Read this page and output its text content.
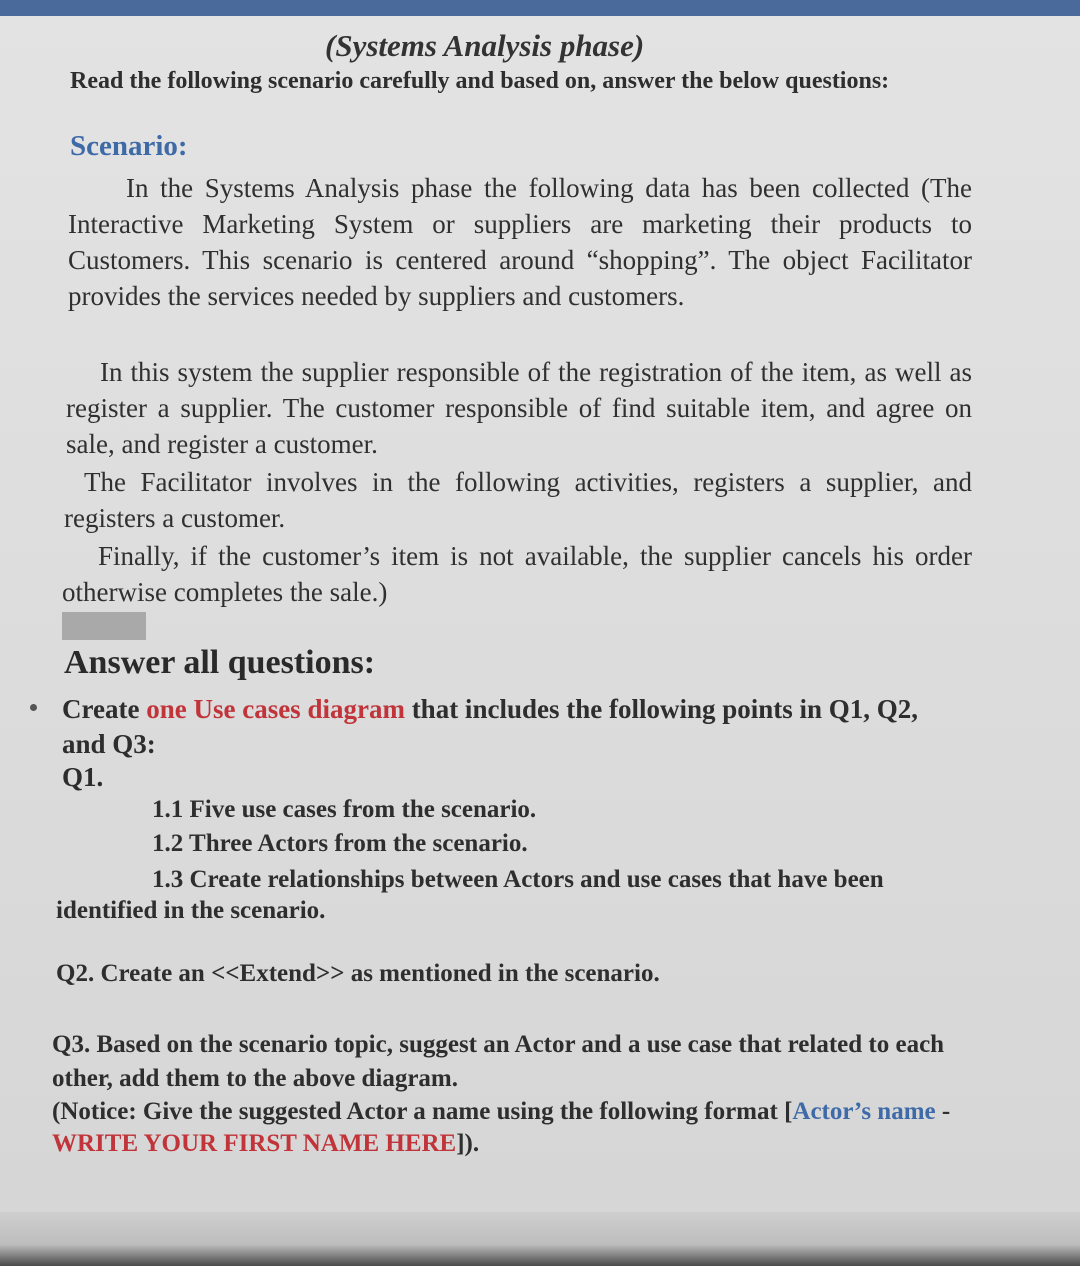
(Systems Analysis phase)

Read the following scenario carefully and based on, answer the below questions:

Scenario:

In the Systems Analysis phase the following data has been collected (The Interactive Marketing System or suppliers are marketing their products to Customers. This scenario is centered around “shopping”. The object Facilitator provides the services needed by suppliers and customers.

In this system the supplier responsible of the registration of the item, as well as register a supplier. The customer responsible of find suitable item, and agree on sale, and register a customer.

The Facilitator involves in the following activities, registers a supplier, and registers a customer.

Finally, if the customer’s item is not available, the supplier cancels his order otherwise completes the sale.)

Answer all questions:

Create one Use cases diagram that includes the following points in Q1, Q2, and Q3:

Q1.

1.1 Five use cases from the scenario.

1.2 Three Actors from the scenario.

1.3 Create relationships between Actors and use cases that have been identified in the scenario.

Q2. Create an <<Extend>> as mentioned in the scenario.

Q3. Based on the scenario topic, suggest an Actor and a use case that related to each other, add them to the above diagram.

(Notice: Give the suggested Actor a name using the following format [Actor’s name - WRITE YOUR FIRST NAME HERE]).
